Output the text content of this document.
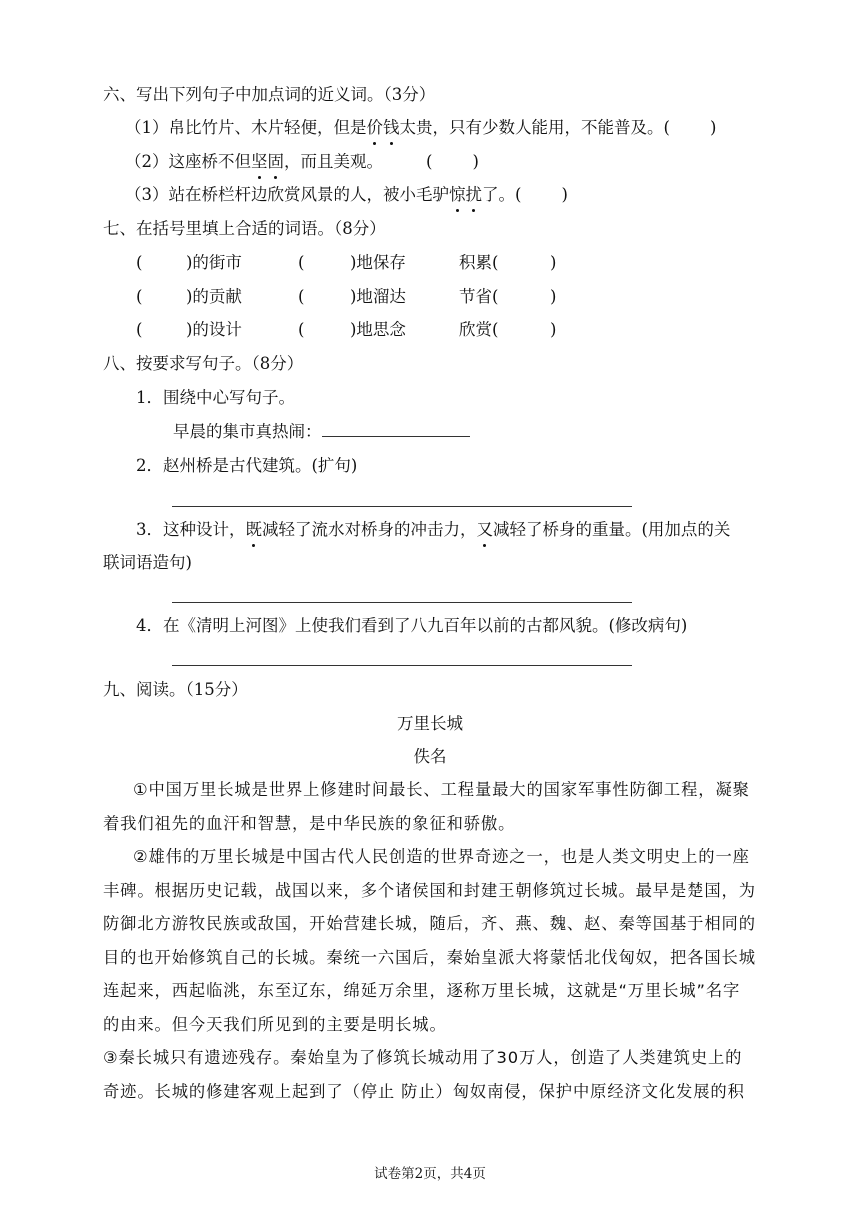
六、写出下列句子中加点词的近义词。（3分）
（1）帛比竹片、木片轻便，但是价钱太贵，只有少数人能用，不能普及。( )
（2）这座桥不但坚固，而且美观。	( )
（3）站在桥栏杆边欣赏风景的人，被小毛驴惊扰了。( )
七、在括号里填上合适的词语。（8分）
(	)的街市	(	)地保存	积累(	)
(	)的贡献	(	)地溜达	节省(	)
(	)的设计	(	)地思念	欣赏(	)
八、按要求写句子。（8分）
1．围绕中心写句子。
早晨的集市真热闹：
2．赵州桥是古代建筑。(扩句)
3．这种设计，既减轻了流水对桥身的冲击力，又减轻了桥身的重量。(用加点的关
联词语造句)
4．在《清明上河图》上使我们看到了八九百年以前的古都风貌。(修改病句)
九、阅读。（15分）
万里长城
佚名
①中国万里长城是世界上修建时间最长、工程量最大的国家军事性防御工程，凝聚
着我们祖先的血汗和智慧，是中华民族的象征和骄傲。
②雄伟的万里长城是中国古代人民创造的世界奇迹之一，也是人类文明史上的一座
丰碑。根据历史记载，战国以来，多个诸侯国和封建王朝修筑过长城。最早是楚国，为
防御北方游牧民族或敌国，开始营建长城，随后，齐、燕、魏、赵、秦等国基于相同的
目的也开始修筑自己的长城。秦统一六国后，秦始皇派大将蒙恬北伐匈奴，把各国长城
连起来，西起临洮，东至辽东，绵延万余里，逐称万里长城，这就是“万里长城”名字
的由来。但今天我们所见到的主要是明长城。
③秦长城只有遗迹残存。秦始皇为了修筑长城动用了30万人，创造了人类建筑史上的
奇迹。长城的修建客观上起到了（停止 防止）匈奴南侵，保护中原经济文化发展的积
试卷第2页，共4页
